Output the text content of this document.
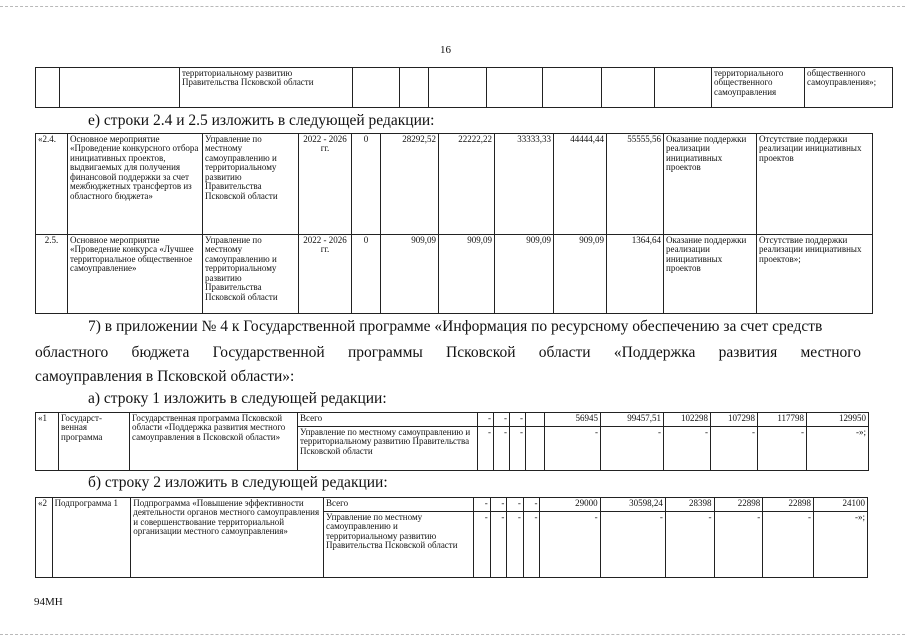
16
		территориальному развитию Правительства Псковской области								территориального общественного самоуправления	общественного самоуправления»;
е) строки 2.4 и 2.5 изложить в следующей редакции:
«2.4.	Основное мероприятие «Проведение конкурсного отбора инициативных проектов, выдвигаемых для получения финансовой поддержки за счет межбюджетных трансфертов из областного бюджета»	Управление по местному самоуправлению и территориальному развитию Правительства Псковской области	2022 - 2026 гг.	0	28292,52	22222,22	33333,33	44444,44	55555,56	Оказание поддержки реализации инициативных проектов	Отсутствие поддержки реализации инициативных проектов
2.5.	Основное мероприятие «Проведение конкурса «Лучшее территориальное общественное самоуправление»	Управление по местному самоуправлению и территориальному развитию Правительства Псковской области	2022 - 2026 гг.	0	909,09	909,09	909,09	909,09	1364,64	Оказание поддержки реализации инициативных проектов	Отсутствие поддержки реализации инициативных проектов»;
7) в приложении № 4 к Государственной программе «Информация по ресурсному обеспечению за счет средств
областного бюджета Государственной программы Псковской области «Поддержка развития местного
самоуправления в Псковской области»:
а) строку 1 изложить в следующей редакции:
«1	Государст-венная программа	Государственная программа Псковской области «Поддержка развития местного самоуправления в Псковской области»	Всего	-	-	-		56945	99457,51	102298	107298	117798	129950
			Управление по местному самоуправлению и территориальному развитию Правительства Псковской области	-	-	-		-	-	-	-	-	-»;
б) строку 2 изложить в следующей редакции:
«2	Подпрограмма 1	Подпрограмма «Повышение эффективности деятельности органов местного самоуправления и совершенствование территориальной организации местного самоуправления»	Всего	-	-	-	-	29000	30598,24	28398	22898	22898	24100
			Управление по местному самоуправлению и территориальному развитию Правительства Псковской области	-	-	-	-	-	-	-	-	-	-»;
94МН
